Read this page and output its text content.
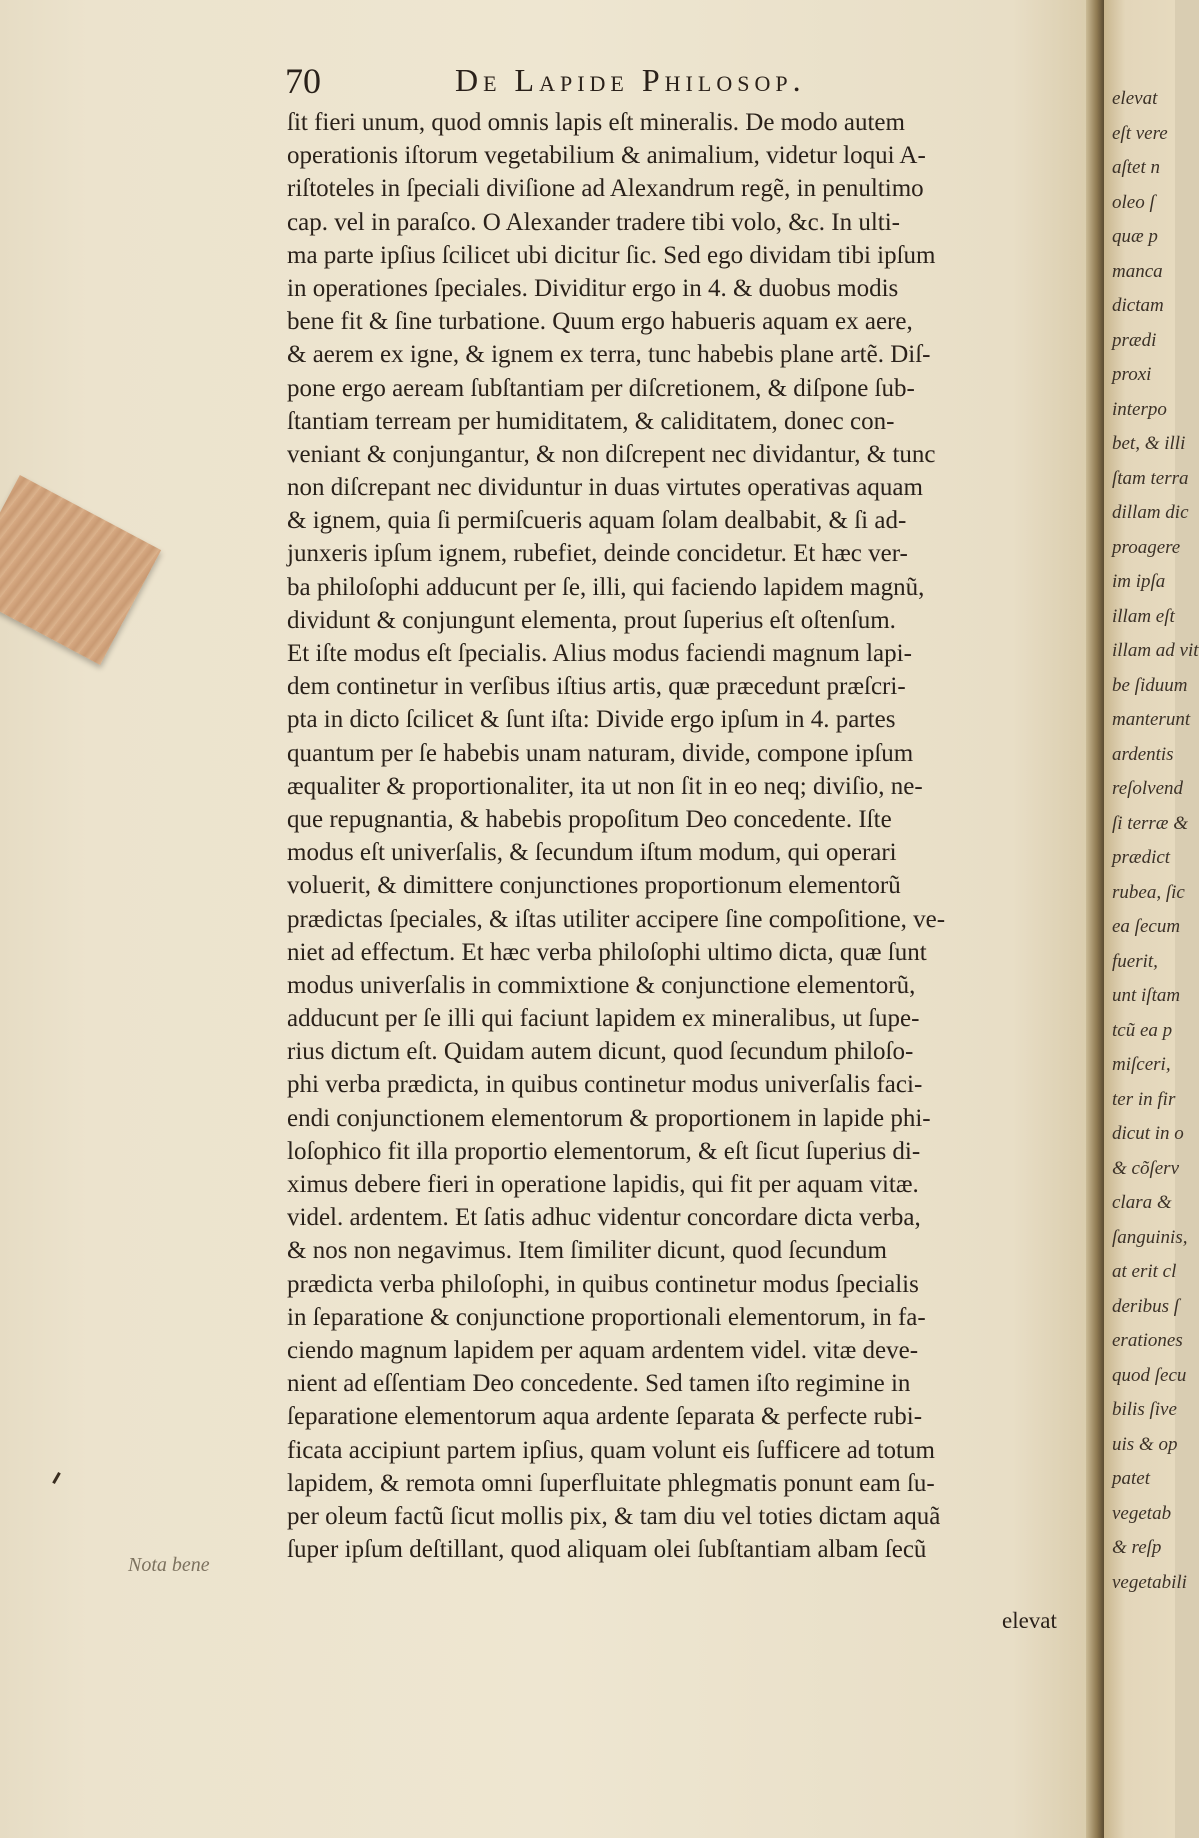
70	De Lapide Philosop.
ſit fieri unum, quod omnis lapis eſt mineralis. De modo autem
operationis iſtorum vegetabilium & animalium, videtur loqui A-
riſtoteles in ſpeciali diviſione ad Alexandrum regẽ, in penultimo
cap. vel in paraſco. O Alexander tradere tibi volo, &c. In ulti-
ma parte ipſius ſcilicet ubi dicitur ſic. Sed ego dividam tibi ipſum
in operationes ſpeciales. Dividitur ergo in 4. & duobus modis
bene fit & ſine turbatione. Quum ergo habueris aquam ex aere,
& aerem ex igne, & ignem ex terra, tunc habebis plane artẽ. Diſ-
pone ergo aeream ſubſtantiam per diſcretionem, & diſpone ſub-
ſtantiam terream per humiditatem, & caliditatem, donec con-
veniant & conjungantur, & non diſcrepent nec dividantur, & tunc
non diſcrepant nec dividuntur in duas virtutes operativas aquam
& ignem, quia ſi permiſcueris aquam ſolam dealbabit, & ſi ad-
junxeris ipſum ignem, rubefiet, deinde concidetur. Et hæc ver-
ba philoſophi adducunt per ſe, illi, qui faciendo lapidem magnũ,
dividunt & conjungunt elementa, prout ſuperius eſt oſtenſum.
Et iſte modus eſt ſpecialis. Alius modus faciendi magnum lapi-
dem continetur in verſibus iſtius artis, quæ præcedunt præſcri-
pta in dicto ſcilicet & ſunt iſta: Divide ergo ipſum in 4. partes
quantum per ſe habebis unam naturam, divide, compone ipſum
æqualiter & proportionaliter, ita ut non ſit in eo neq; diviſio, ne-
que repugnantia, & habebis propoſitum Deo concedente. Iſte
modus eſt univerſalis, & ſecundum iſtum modum, qui operari
voluerit, & dimittere conjunctiones proportionum elementorũ
prædictas ſpeciales, & iſtas utiliter accipere ſine compoſitione, ve-
niet ad effectum. Et hæc verba philoſophi ultimo dicta, quæ ſunt
modus univerſalis in commixtione & conjunctione elementorũ,
adducunt per ſe illi qui faciunt lapidem ex mineralibus, ut ſupe-
rius dictum eſt. Quidam autem dicunt, quod ſecundum philoſo-
phi verba prædicta, in quibus continetur modus univerſalis faci-
endi conjunctionem elementorum & proportionem in lapide phi-
loſophico fit illa proportio elementorum, & eſt ſicut ſuperius di-
ximus debere fieri in operatione lapidis, qui fit per aquam vitæ.
videl. ardentem. Et ſatis adhuc videntur concordare dicta verba,
& nos non negavimus. Item ſimiliter dicunt, quod ſecundum
prædicta verba philoſophi, in quibus continetur modus ſpecialis
in ſeparatione & conjunctione proportionali elementorum, in fa-
ciendo magnum lapidem per aquam ardentem videl. vitæ deve-
nient ad eſſentiam Deo concedente. Sed tamen iſto regimine in
ſeparatione elementorum aqua ardente ſeparata & perfecte rubi-
ficata accipiunt partem ipſius, quam volunt eis ſufficere ad totum
lapidem, & remota omni ſuperfluitate phlegmatis ponunt eam ſu-
per oleum factũ ſicut mollis pix, & tam diu vel toties dictam aquã
ſuper ipſum deſtillant, quod aliquam olei ſubſtantiam albam ſecũ
elevat
Nota bene
elevat
eſt vere
aſtet n
oleo ſ
quæ p
manca
dictam
prædi
proxi
interpo
bet, & illi
ſtam terra
dillam dic
proagere
im ipſa
illam eſt
illam ad vit
be ſiduum
manterunt
ardentis
reſolvend
ſi terræ &
prædict
rubea, ſic
ea ſecum
fuerit,
unt iſtam
tcũ ea p
miſceri,
ter in fir
dicut in o
& cõſerv
clara &
ſanguinis,
at erit cl
deribus ſ
erationes
quod ſecu
bilis ſive
uis & op
patet
vegetab
& reſp
vegetabili
